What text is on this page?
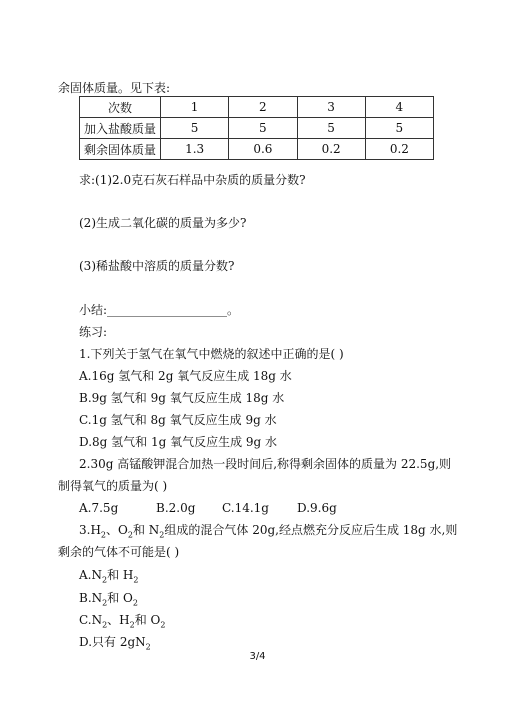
余固体质量。见下表:
次数	1	2	3	4
加入盐酸质量	5	5	5	5
剩余固体质量	1.3	0.6	0.2	0.2
求:(1)2.0克石灰石样品中杂质的质量分数?
(2)生成二氧化碳的质量为多少?
(3)稀盐酸中溶质的质量分数?
小结:____________________。
练习:
1.下列关于氢气在氧气中燃烧的叙述中正确的是( )
A.16g 氢气和 2g 氧气反应生成 18g 水
B.9g 氢气和 9g 氧气反应生成 18g 水
C.1g 氢气和 8g 氧气反应生成 9g 水
D.8g 氢气和 1g 氧气反应生成 9g 水
2.30g 高锰酸钾混合加热一段时间后,称得剩余固体的质量为 22.5g,则
制得氧气的质量为( )
A.7.5g	B.2.0g C.14.1g D.9.6g
$3.H_2$、$O_2$和 $N_2$组成的混合气体 20g,经点燃充分反应后生成 18g 水,则
剩余的气体不可能是( )
$A.N_2$和 $H_2$
$B.N_2$和 $O_2$
$C.N_2$、$H_2$和 $O_2$
D.只有 $2gN_2$
3/4
